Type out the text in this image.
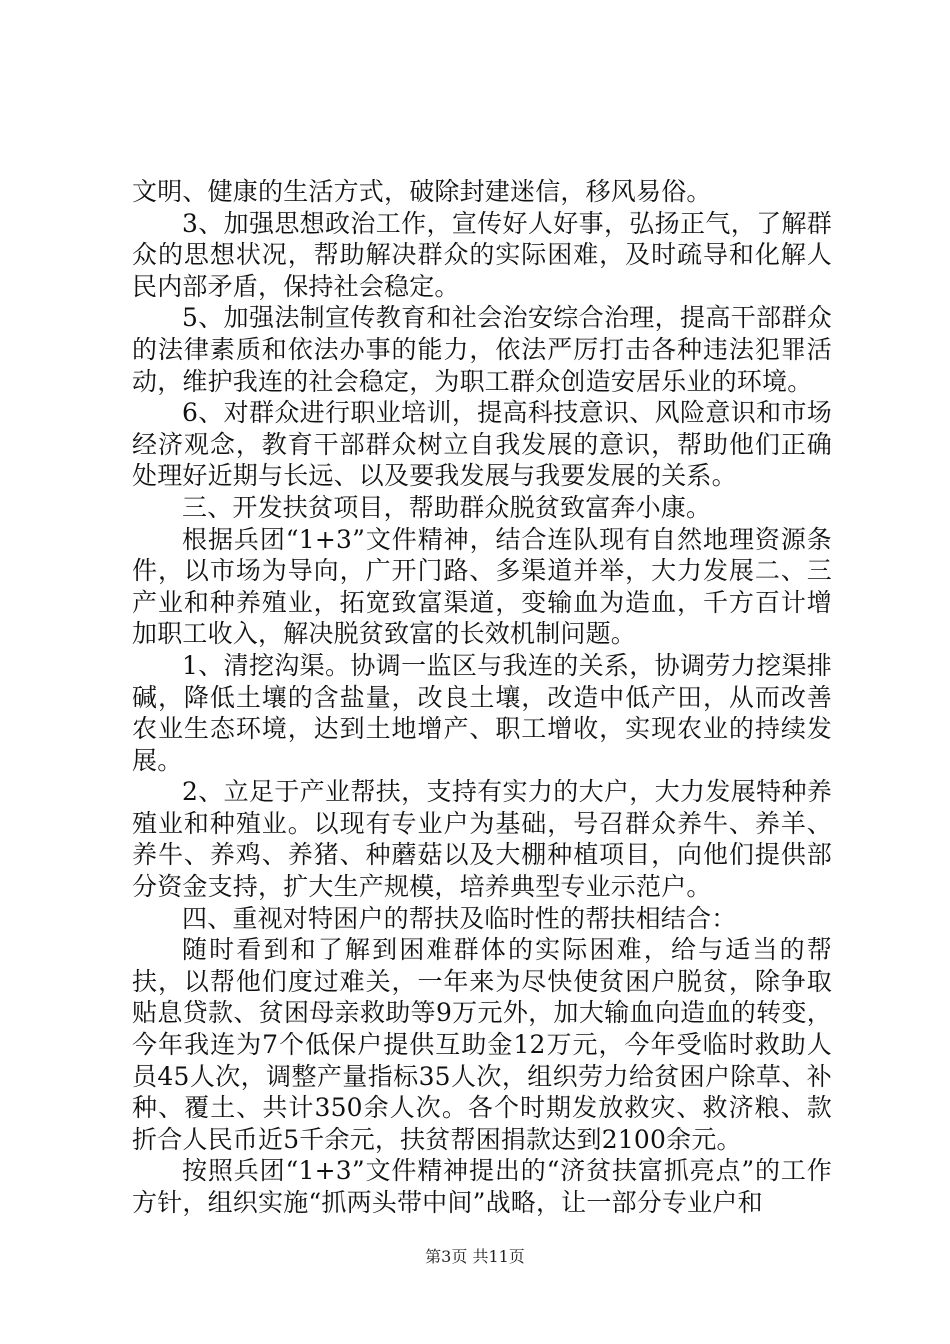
文明、健康的生活方式，破除封建迷信，移风易俗。

3、加强思想政治工作，宣传好人好事，弘扬正气，了解群众的思想状况，帮助解决群众的实际困难，及时疏导和化解人民内部矛盾，保持社会稳定。

5、加强法制宣传教育和社会治安综合治理，提高干部群众的法律素质和依法办事的能力，依法严厉打击各种违法犯罪活动，维护我连的社会稳定，为职工群众创造安居乐业的环境。

6、对群众进行职业培训，提高科技意识、风险意识和市场经济观念，教育干部群众树立自我发展的意识，帮助他们正确处理好近期与长远、以及要我发展与我要发展的关系。

三、开发扶贫项目，帮助群众脱贫致富奔小康。

根据兵团“1+3”文件精神，结合连队现有自然地理资源条件，以市场为导向，广开门路、多渠道并举，大力发展二、三产业和种养殖业，拓宽致富渠道，变输血为造血，千方百计增加职工收入，解决脱贫致富的长效机制问题。

1、清挖沟渠。协调一监区与我连的关系，协调劳力挖渠排碱，降低土壤的含盐量，改良土壤，改造中低产田，从而改善农业生态环境，达到土地增产、职工增收，实现农业的持续发展。

2、立足于产业帮扶，支持有实力的大户，大力发展特种养殖业和种殖业。以现有专业户为基础，号召群众养牛、养羊、养牛、养鸡、养猪、种蘑菇以及大棚种植项目，向他们提供部分资金支持，扩大生产规模，培养典型专业示范户。

四、重视对特困户的帮扶及临时性的帮扶相结合：

随时看到和了解到困难群体的实际困难，给与适当的帮扶，以帮他们度过难关，一年来为尽快使贫困户脱贫，除争取贴息贷款、贫困母亲救助等9万元外，加大输血向造血的转变，今年我连为7个低保户提供互助金12万元，今年受临时救助人员45人次，调整产量指标35人次，组织劳力给贫困户除草、补种、覆土、共计350余人次。各个时期发放救灾、救济粮、款折合人民币近5千余元，扶贫帮困捐款达到2100余元。

按照兵团“1+3”文件精神提出的“济贫扶富抓亮点”的工作方针，组织实施“抓两头带中间”战略，让一部分专业户和

第3页 共11页
